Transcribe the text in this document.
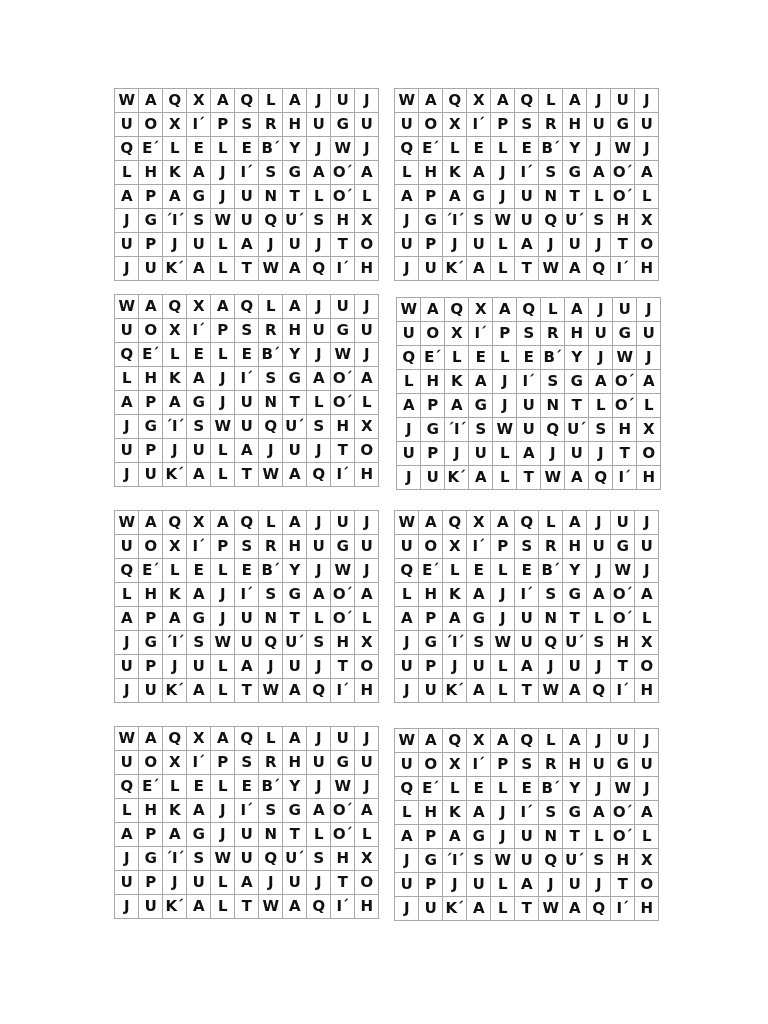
W	A	Q	X	A	Q	L	A	J	U	J
U	O	X	I´	P	S	R	H	U	G	U
Q	E´	L	E	L	E	B´	Y	J	W	J
L	H	K	A	J	I´	S	G	A	O´	A
A	P	A	G	J	U	N	T	L	O´	L
J	G	´I´	S	W	U	Q	U´	S	H	X
U	P	J	U	L	A	J	U	J	T	O
J	U	K´	A	L	T	W	A	Q	I´	H
W	A	Q	X	A	Q	L	A	J	U	J
U	O	X	I´	P	S	R	H	U	G	U
Q	E´	L	E	L	E	B´	Y	J	W	J
L	H	K	A	J	I´	S	G	A	O´	A
A	P	A	G	J	U	N	T	L	O´	L
J	G	´I´	S	W	U	Q	U´	S	H	X
U	P	J	U	L	A	J	U	J	T	O
J	U	K´	A	L	T	W	A	Q	I´	H
W	A	Q	X	A	Q	L	A	J	U	J
U	O	X	I´	P	S	R	H	U	G	U
Q	E´	L	E	L	E	B´	Y	J	W	J
L	H	K	A	J	I´	S	G	A	O´	A
A	P	A	G	J	U	N	T	L	O´	L
J	G	´I´	S	W	U	Q	U´	S	H	X
U	P	J	U	L	A	J	U	J	T	O
J	U	K´	A	L	T	W	A	Q	I´	H
W	A	Q	X	A	Q	L	A	J	U	J
U	O	X	I´	P	S	R	H	U	G	U
Q	E´	L	E	L	E	B´	Y	J	W	J
L	H	K	A	J	I´	S	G	A	O´	A
A	P	A	G	J	U	N	T	L	O´	L
J	G	´I´	S	W	U	Q	U´	S	H	X
U	P	J	U	L	A	J	U	J	T	O
J	U	K´	A	L	T	W	A	Q	I´	H
W	A	Q	X	A	Q	L	A	J	U	J
U	O	X	I´	P	S	R	H	U	G	U
Q	E´	L	E	L	E	B´	Y	J	W	J
L	H	K	A	J	I´	S	G	A	O´	A
A	P	A	G	J	U	N	T	L	O´	L
J	G	´I´	S	W	U	Q	U´	S	H	X
U	P	J	U	L	A	J	U	J	T	O
J	U	K´	A	L	T	W	A	Q	I´	H
W	A	Q	X	A	Q	L	A	J	U	J
U	O	X	I´	P	S	R	H	U	G	U
Q	E´	L	E	L	E	B´	Y	J	W	J
L	H	K	A	J	I´	S	G	A	O´	A
A	P	A	G	J	U	N	T	L	O´	L
J	G	´I´	S	W	U	Q	U´	S	H	X
U	P	J	U	L	A	J	U	J	T	O
J	U	K´	A	L	T	W	A	Q	I´	H
W	A	Q	X	A	Q	L	A	J	U	J
U	O	X	I´	P	S	R	H	U	G	U
Q	E´	L	E	L	E	B´	Y	J	W	J
L	H	K	A	J	I´	S	G	A	O´	A
A	P	A	G	J	U	N	T	L	O´	L
J	G	´I´	S	W	U	Q	U´	S	H	X
U	P	J	U	L	A	J	U	J	T	O
J	U	K´	A	L	T	W	A	Q	I´	H
W	A	Q	X	A	Q	L	A	J	U	J
U	O	X	I´	P	S	R	H	U	G	U
Q	E´	L	E	L	E	B´	Y	J	W	J
L	H	K	A	J	I´	S	G	A	O´	A
A	P	A	G	J	U	N	T	L	O´	L
J	G	´I´	S	W	U	Q	U´	S	H	X
U	P	J	U	L	A	J	U	J	T	O
J	U	K´	A	L	T	W	A	Q	I´	H
